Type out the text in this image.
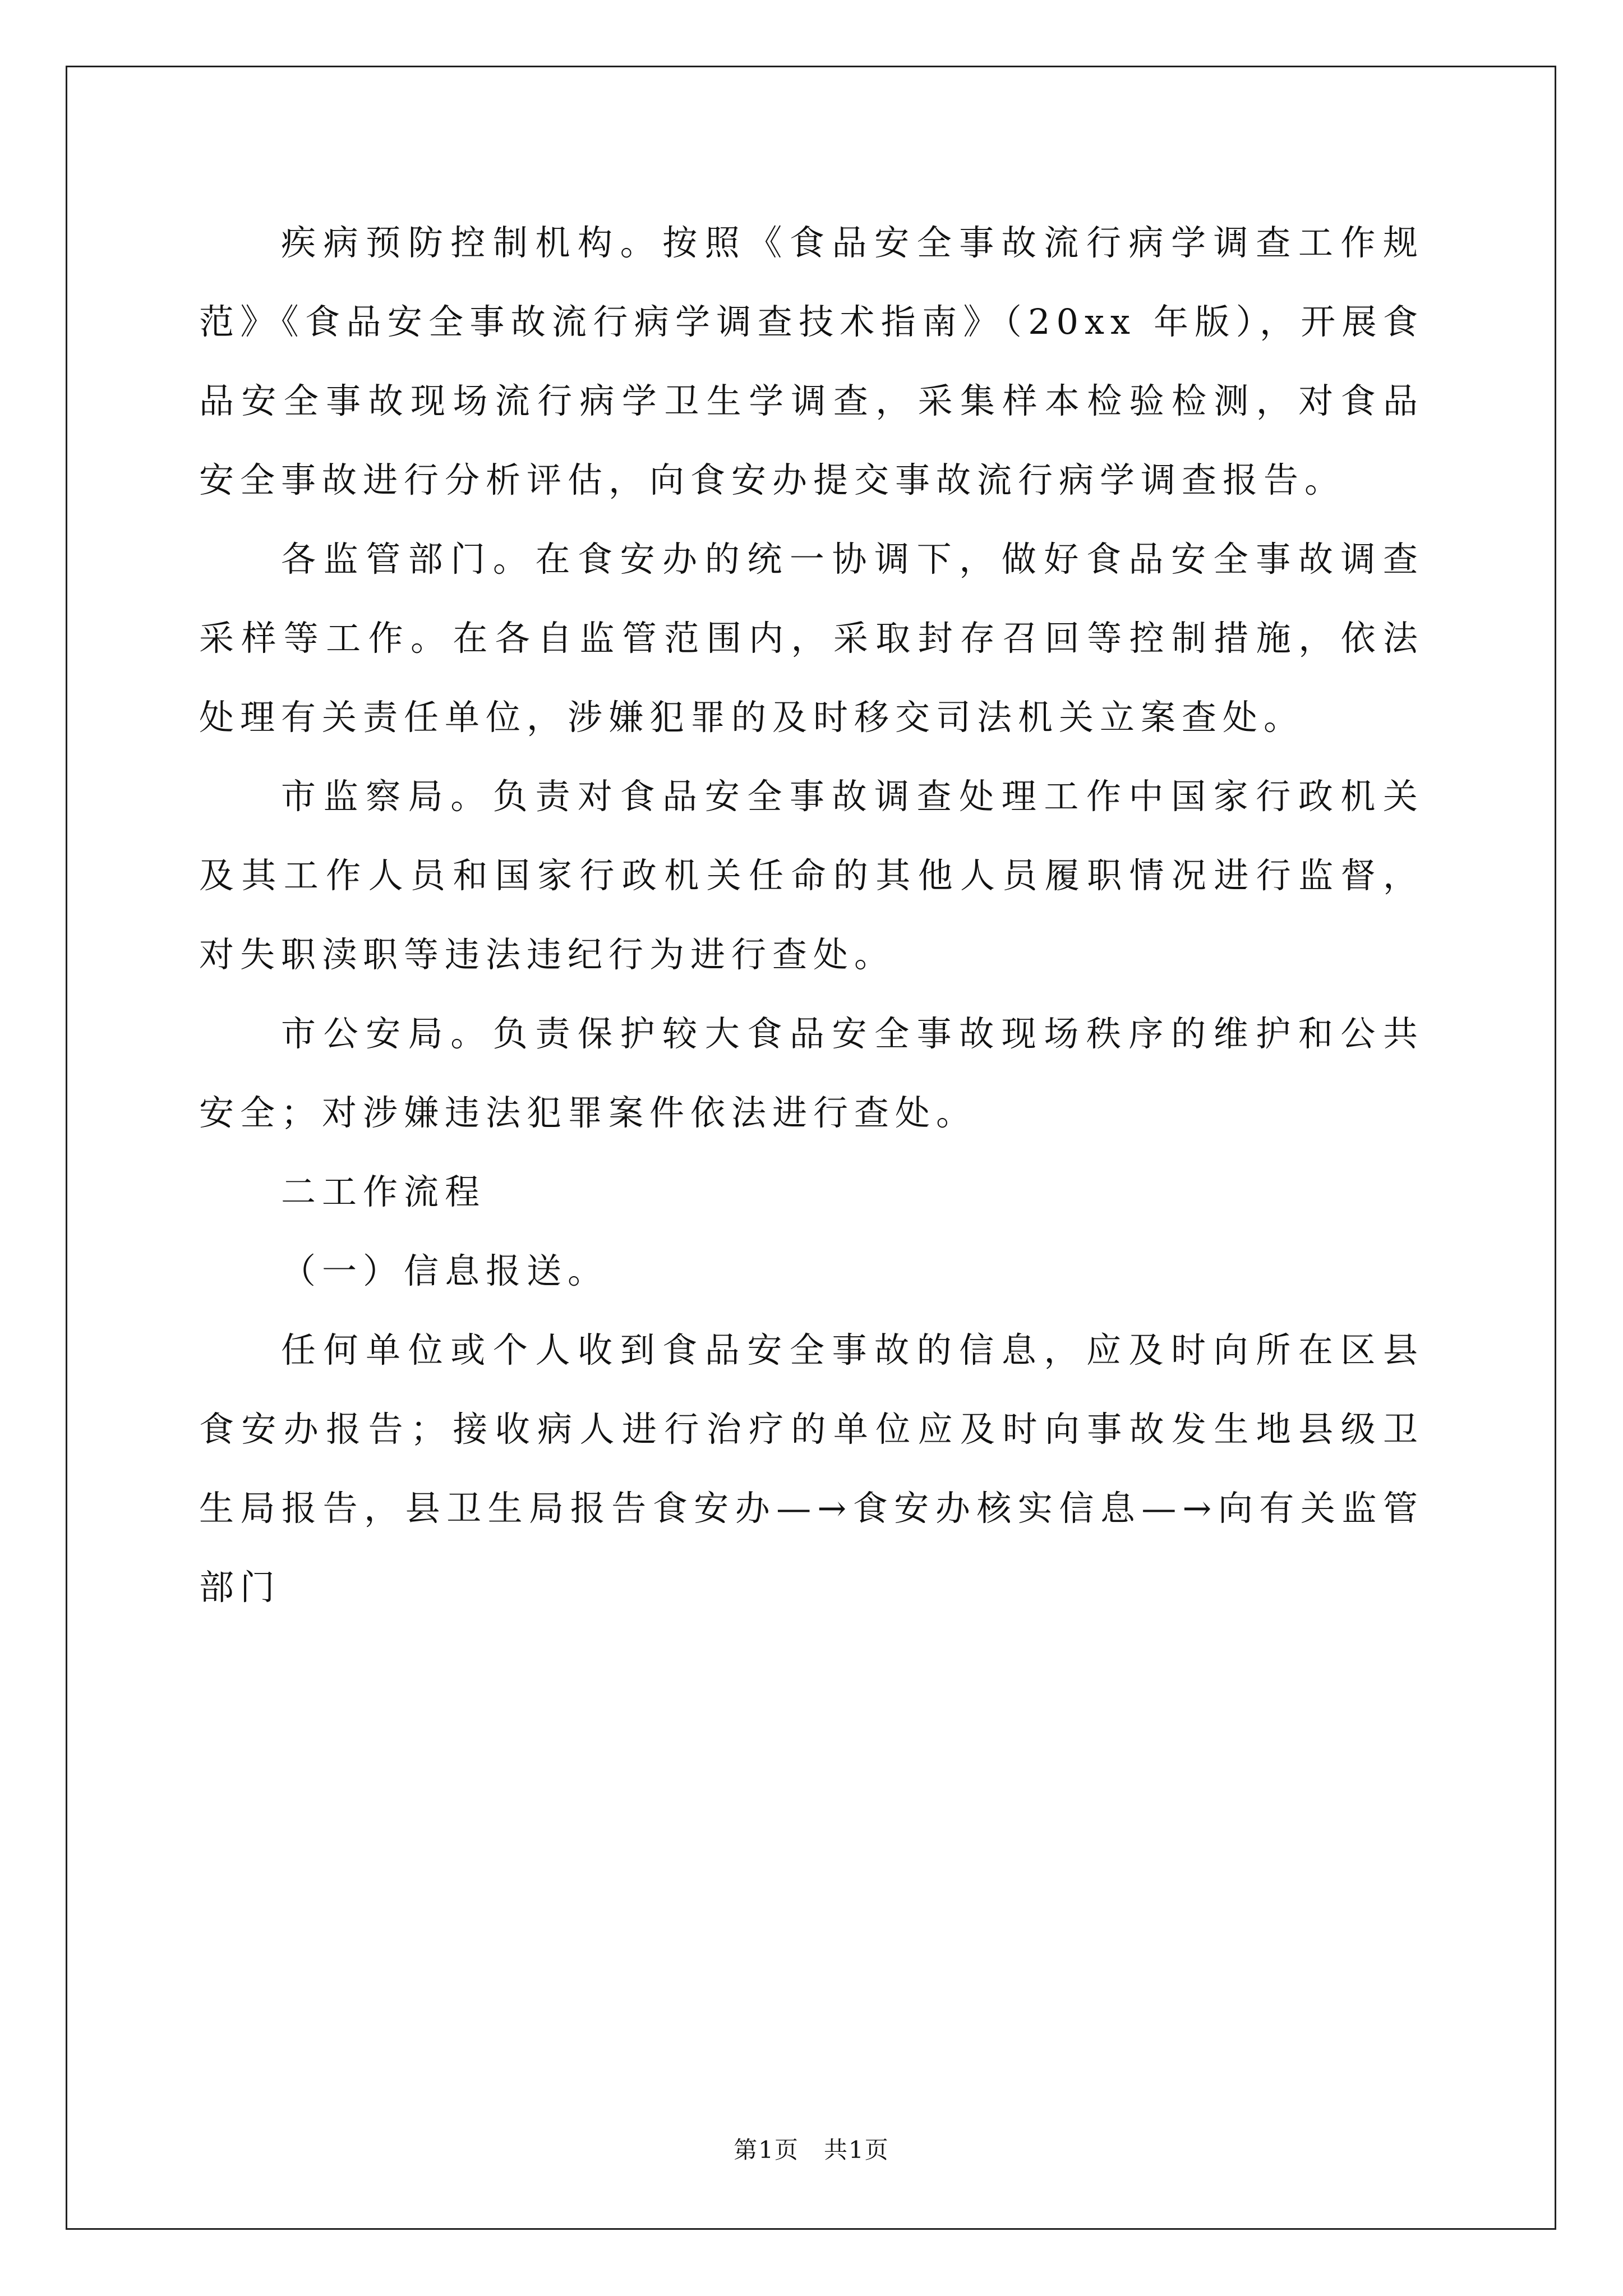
疾病预防控制机构。按照《食品安全事故流行病学调查工作规范》《食品安全事故流行病学调查技术指南》（20xx 年版），开展食品安全事故现场流行病学卫生学调查，采集样本检验检测，对食品安全事故进行分析评估，向食安办提交事故流行病学调查报告。

各监管部门。在食安办的统一协调下，做好食品安全事故调查采样等工作。在各自监管范围内，采取封存召回等控制措施，依法处理有关责任单位，涉嫌犯罪的及时移交司法机关立案查处。

市监察局。负责对食品安全事故调查处理工作中国家行政机关及其工作人员和国家行政机关任命的其他人员履职情况进行监督，对失职渎职等违法违纪行为进行查处。

市公安局。负责保护较大食品安全事故现场秩序的维护和公共安全；对涉嫌违法犯罪案件依法进行查处。

二工作流程

（一）信息报送。

任何单位或个人收到食品安全事故的信息，应及时向所在区县食安办报告；接收病人进行治疗的单位应及时向事故发生地县级卫生局报告，县卫生局报告食安办—→食安办核实信息—→向有关监管部门

第1页　共1页
